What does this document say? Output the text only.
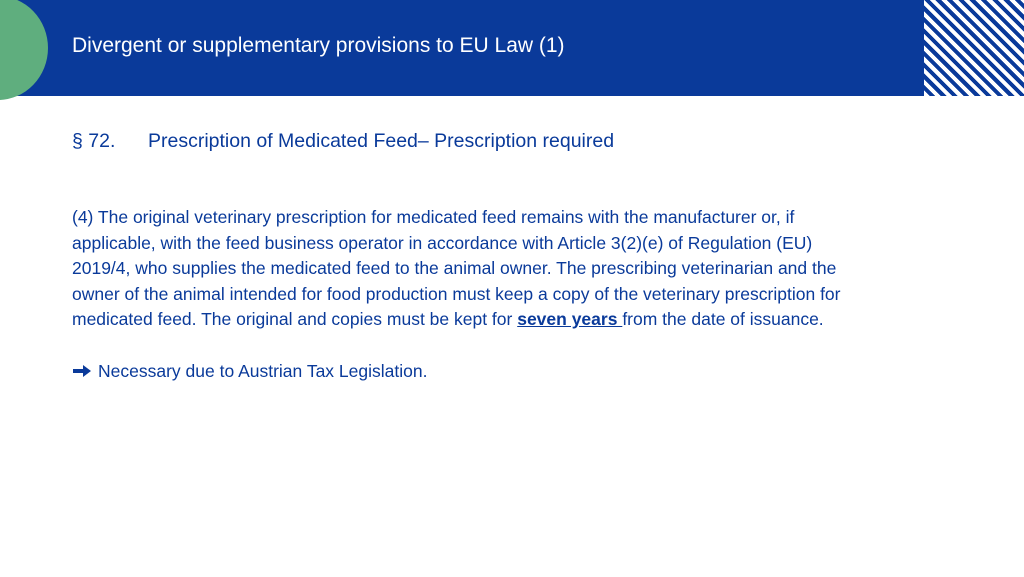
Divergent or supplementary provisions to EU Law (1)
§ 72. Prescription of Medicated Feed– Prescription required
(4) The original veterinary prescription for medicated feed remains with the manufacturer or, if
applicable, with the feed business operator in accordance with Article 3(2)(e) of Regulation (EU)
2019/4, who supplies the medicated feed to the animal owner. The prescribing veterinarian and the
owner of the animal intended for food production must keep a copy of the veterinary prescription for
medicated feed. The original and copies must be kept for seven years from the date of issuance.
Necessary due to Austrian Tax Legislation.
